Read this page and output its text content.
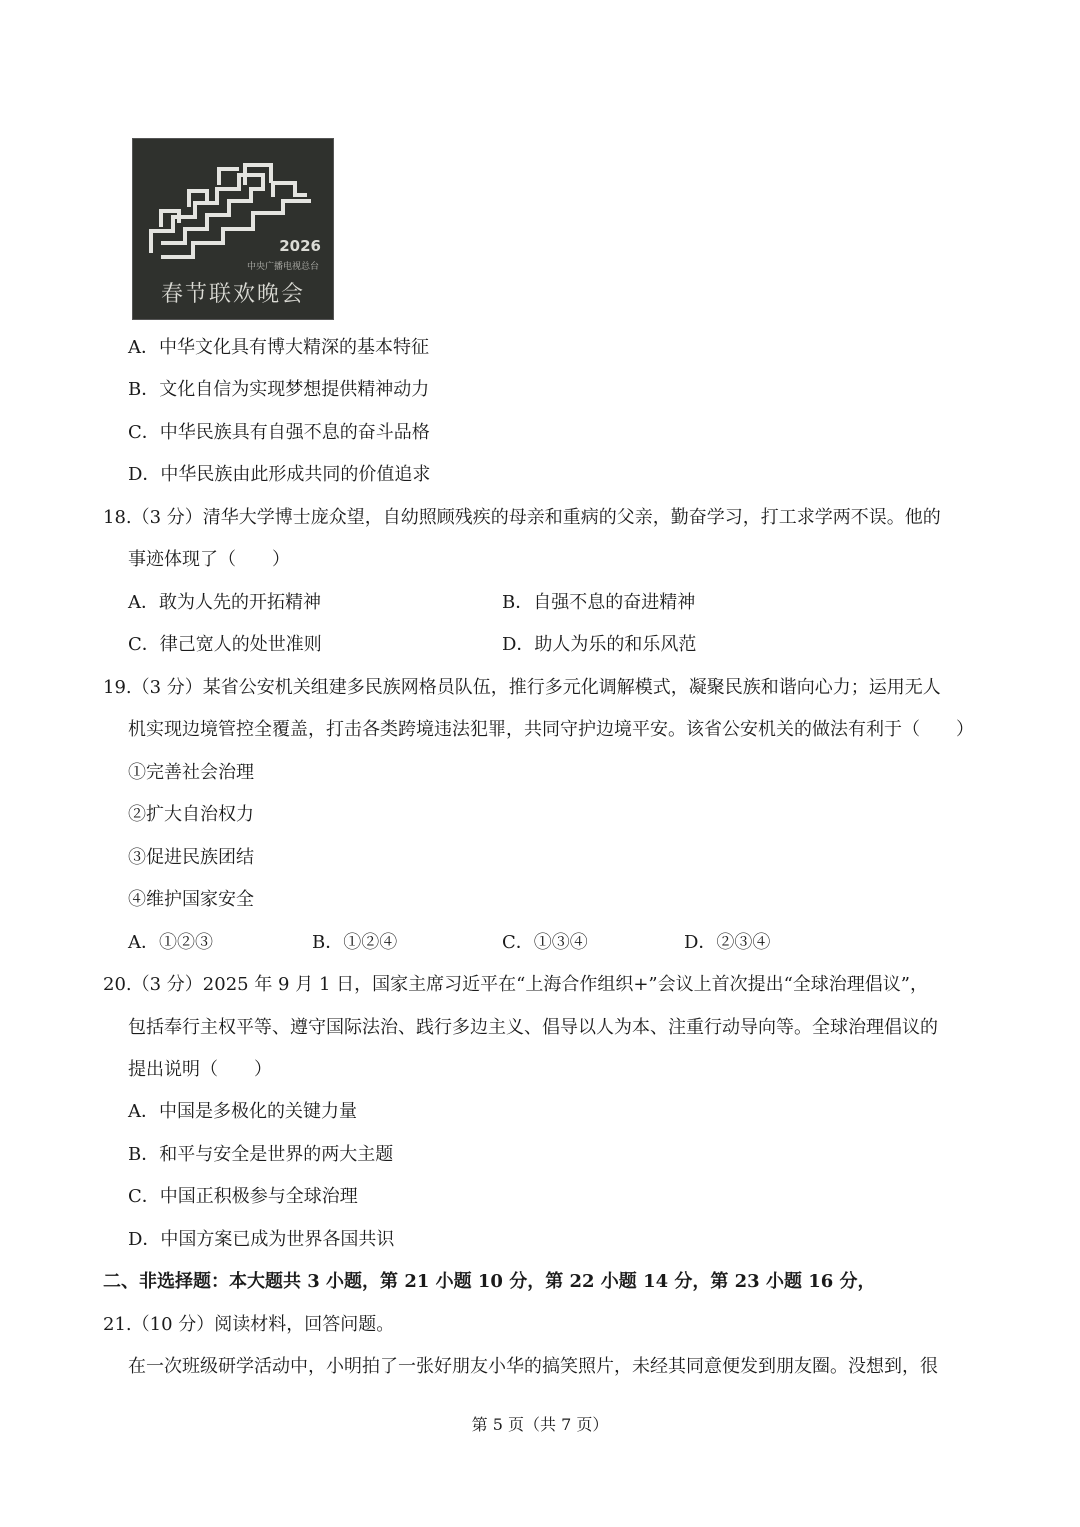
2026
中央广播电视总台
春节联欢晚会
A．中华文化具有博大精深的基本特征
B．文化自信为实现梦想提供精神动力
C．中华民族具有自强不息的奋斗品格
D．中华民族由此形成共同的价值追求
18.（3 分）清华大学博士庞众望，自幼照顾残疾的母亲和重病的父亲，勤奋学习，打工求学两不误。他的
事迹体现了（　　）
A．敢为人先的开拓精神	B．自强不息的奋进精神
C．律己宽人的处世准则	D．助人为乐的和乐风范
19.（3 分）某省公安机关组建多民族网格员队伍，推行多元化调解模式，凝聚民族和谐向心力；运用无人
机实现边境管控全覆盖，打击各类跨境违法犯罪，共同守护边境平安。该省公安机关的做法有利于（　　）
①完善社会治理
②扩大自治权力
③促进民族团结
④维护国家安全
A．①②③	B．①②④	C．①③④	D．②③④
20.（3 分）2025 年 9 月 1 日，国家主席习近平在“上海合作组织+”会议上首次提出“全球治理倡议”，
包括奉行主权平等、遵守国际法治、践行多边主义、倡导以人为本、注重行动导向等。全球治理倡议的
提出说明（　　）
A．中国是多极化的关键力量
B．和平与安全是世界的两大主题
C．中国正积极参与全球治理
D．中国方案已成为世界各国共识
二、非选择题：本大题共 3 小题，第 21 小题 10 分，第 22 小题 14 分，第 23 小题 16 分，
21.（10 分）阅读材料，回答问题。
在一次班级研学活动中，小明拍了一张好朋友小华的搞笑照片，未经其同意便发到朋友圈。没想到，很
第 5 页（共 7 页）
